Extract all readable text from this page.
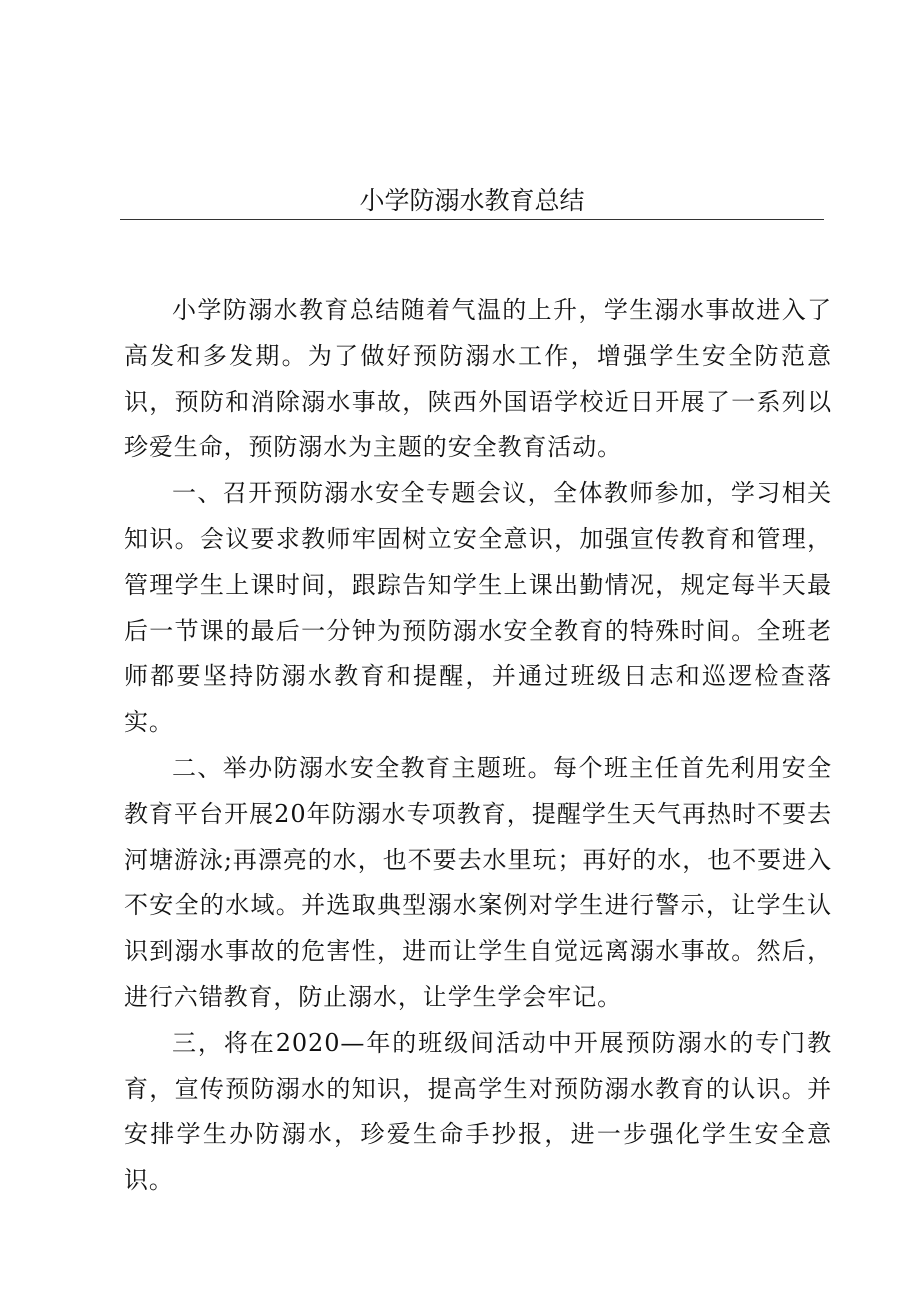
小学防溺水教育总结

小学防溺水教育总结随着气温的上升，学生溺水事故进入了高发和多发期。为了做好预防溺水工作，增强学生安全防范意识，预防和消除溺水事故，陕西外国语学校近日开展了一系列以珍爱生命，预防溺水为主题的安全教育活动。

一、召开预防溺水安全专题会议，全体教师参加，学习相关知识。会议要求教师牢固树立安全意识，加强宣传教育和管理，管理学生上课时间，跟踪告知学生上课出勤情况，规定每半天最后一节课的最后一分钟为预防溺水安全教育的特殊时间。全班老师都要坚持防溺水教育和提醒，并通过班级日志和巡逻检查落实。

二、举办防溺水安全教育主题班。每个班主任首先利用安全教育平台开展20年防溺水专项教育，提醒学生天气再热时不要去河塘游泳;再漂亮的水，也不要去水里玩；再好的水，也不要进入不安全的水域。并选取典型溺水案例对学生进行警示，让学生认识到溺水事故的危害性，进而让学生自觉远离溺水事故。然后，进行六错教育，防止溺水，让学生学会牢记。

三，将在2020—年的班级间活动中开展预防溺水的专门教育，宣传预防溺水的知识，提高学生对预防溺水教育的认识。并安排学生办防溺水，珍爱生命手抄报，进一步强化学生安全意识。
